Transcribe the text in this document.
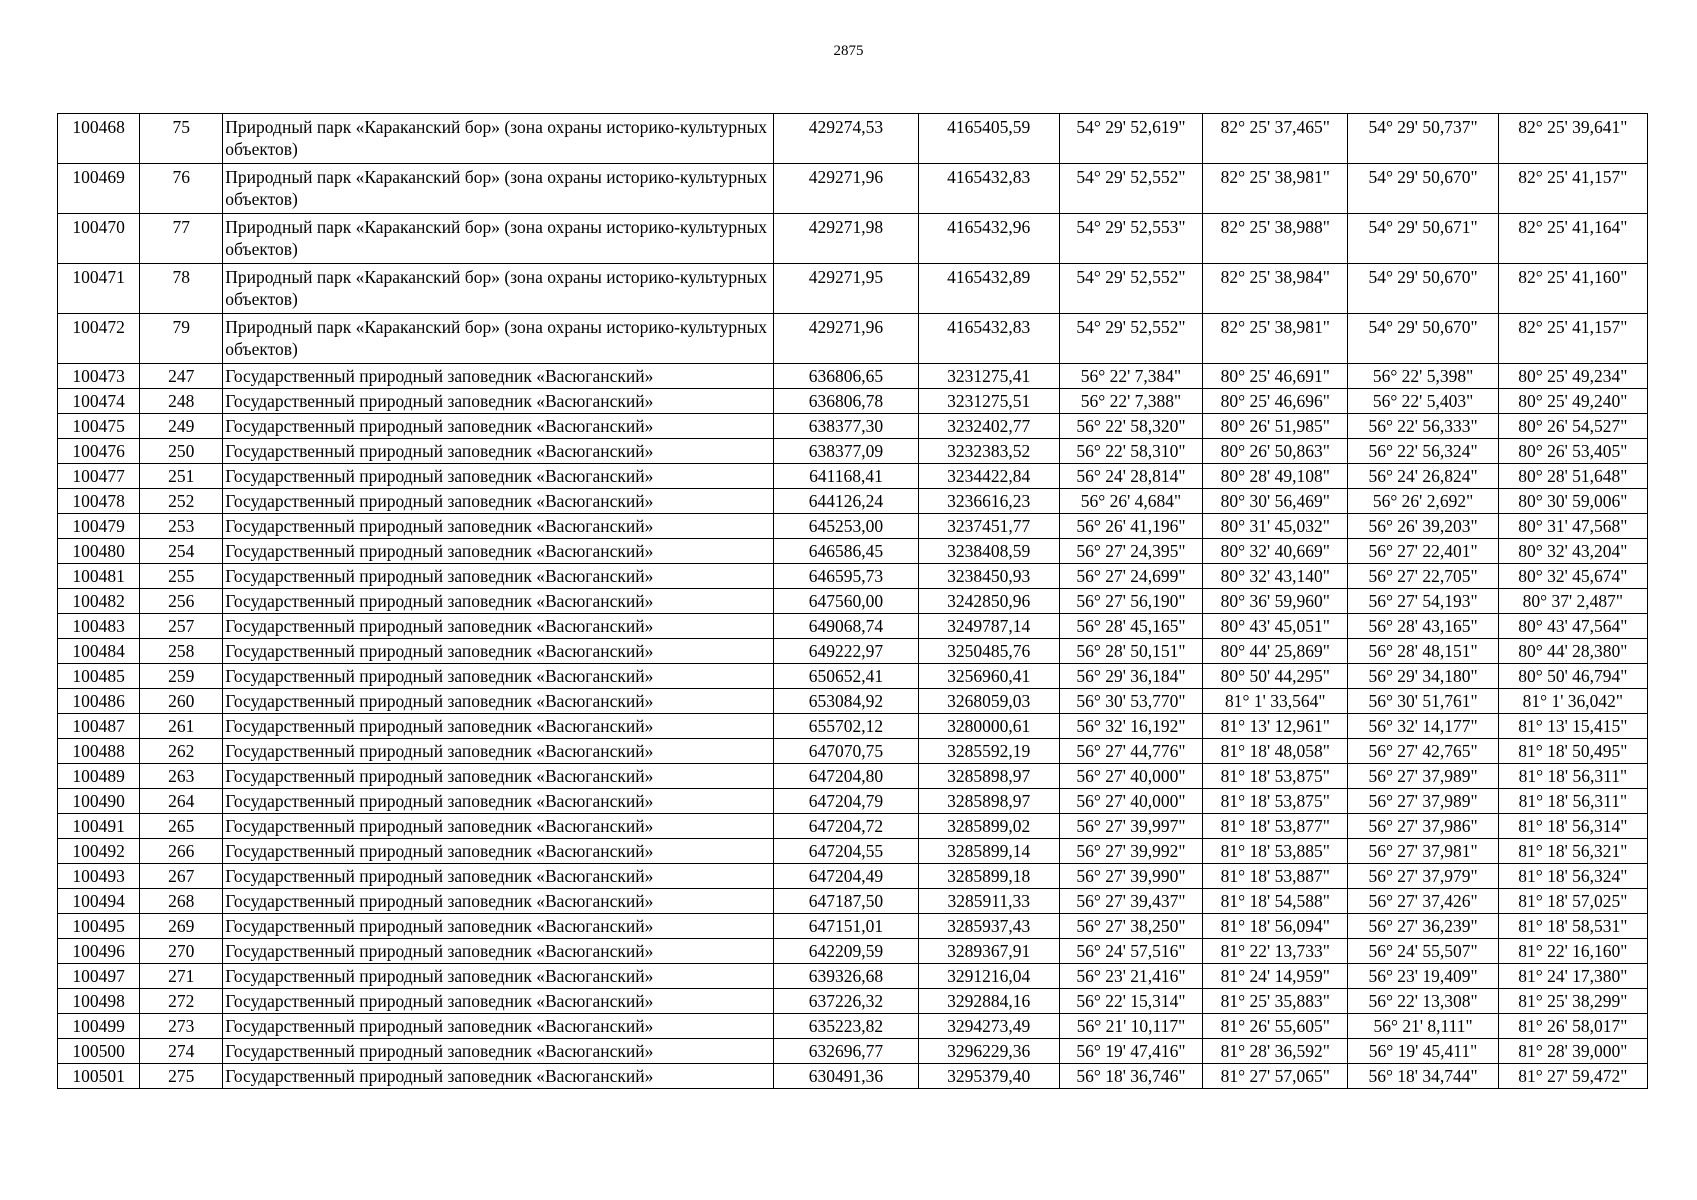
2875
100468	75	Природный парк «Караканский бор» (зона охраны историко-культурных объектов)	429274,53	4165405,59	54° 29' 52,619"	82° 25' 37,465"	54° 29' 50,737"	82° 25' 39,641"
100469	76	Природный парк «Караканский бор» (зона охраны историко-культурных объектов)	429271,96	4165432,83	54° 29' 52,552"	82° 25' 38,981"	54° 29' 50,670"	82° 25' 41,157"
100470	77	Природный парк «Караканский бор» (зона охраны историко-культурных объектов)	429271,98	4165432,96	54° 29' 52,553"	82° 25' 38,988"	54° 29' 50,671"	82° 25' 41,164"
100471	78	Природный парк «Караканский бор» (зона охраны историко-культурных объектов)	429271,95	4165432,89	54° 29' 52,552"	82° 25' 38,984"	54° 29' 50,670"	82° 25' 41,160"
100472	79	Природный парк «Караканский бор» (зона охраны историко-культурных объектов)	429271,96	4165432,83	54° 29' 52,552"	82° 25' 38,981"	54° 29' 50,670"	82° 25' 41,157"
100473	247	Государственный природный заповедник «Васюганский»	636806,65	3231275,41	56° 22' 7,384"	80° 25' 46,691"	56° 22' 5,398"	80° 25' 49,234"
100474	248	Государственный природный заповедник «Васюганский»	636806,78	3231275,51	56° 22' 7,388"	80° 25' 46,696"	56° 22' 5,403"	80° 25' 49,240"
100475	249	Государственный природный заповедник «Васюганский»	638377,30	3232402,77	56° 22' 58,320"	80° 26' 51,985"	56° 22' 56,333"	80° 26' 54,527"
100476	250	Государственный природный заповедник «Васюганский»	638377,09	3232383,52	56° 22' 58,310"	80° 26' 50,863"	56° 22' 56,324"	80° 26' 53,405"
100477	251	Государственный природный заповедник «Васюганский»	641168,41	3234422,84	56° 24' 28,814"	80° 28' 49,108"	56° 24' 26,824"	80° 28' 51,648"
100478	252	Государственный природный заповедник «Васюганский»	644126,24	3236616,23	56° 26' 4,684"	80° 30' 56,469"	56° 26' 2,692"	80° 30' 59,006"
100479	253	Государственный природный заповедник «Васюганский»	645253,00	3237451,77	56° 26' 41,196"	80° 31' 45,032"	56° 26' 39,203"	80° 31' 47,568"
100480	254	Государственный природный заповедник «Васюганский»	646586,45	3238408,59	56° 27' 24,395"	80° 32' 40,669"	56° 27' 22,401"	80° 32' 43,204"
100481	255	Государственный природный заповедник «Васюганский»	646595,73	3238450,93	56° 27' 24,699"	80° 32' 43,140"	56° 27' 22,705"	80° 32' 45,674"
100482	256	Государственный природный заповедник «Васюганский»	647560,00	3242850,96	56° 27' 56,190"	80° 36' 59,960"	56° 27' 54,193"	80° 37' 2,487"
100483	257	Государственный природный заповедник «Васюганский»	649068,74	3249787,14	56° 28' 45,165"	80° 43' 45,051"	56° 28' 43,165"	80° 43' 47,564"
100484	258	Государственный природный заповедник «Васюганский»	649222,97	3250485,76	56° 28' 50,151"	80° 44' 25,869"	56° 28' 48,151"	80° 44' 28,380"
100485	259	Государственный природный заповедник «Васюганский»	650652,41	3256960,41	56° 29' 36,184"	80° 50' 44,295"	56° 29' 34,180"	80° 50' 46,794"
100486	260	Государственный природный заповедник «Васюганский»	653084,92	3268059,03	56° 30' 53,770"	81° 1' 33,564"	56° 30' 51,761"	81° 1' 36,042"
100487	261	Государственный природный заповедник «Васюганский»	655702,12	3280000,61	56° 32' 16,192"	81° 13' 12,961"	56° 32' 14,177"	81° 13' 15,415"
100488	262	Государственный природный заповедник «Васюганский»	647070,75	3285592,19	56° 27' 44,776"	81° 18' 48,058"	56° 27' 42,765"	81° 18' 50,495"
100489	263	Государственный природный заповедник «Васюганский»	647204,80	3285898,97	56° 27' 40,000"	81° 18' 53,875"	56° 27' 37,989"	81° 18' 56,311"
100490	264	Государственный природный заповедник «Васюганский»	647204,79	3285898,97	56° 27' 40,000"	81° 18' 53,875"	56° 27' 37,989"	81° 18' 56,311"
100491	265	Государственный природный заповедник «Васюганский»	647204,72	3285899,02	56° 27' 39,997"	81° 18' 53,877"	56° 27' 37,986"	81° 18' 56,314"
100492	266	Государственный природный заповедник «Васюганский»	647204,55	3285899,14	56° 27' 39,992"	81° 18' 53,885"	56° 27' 37,981"	81° 18' 56,321"
100493	267	Государственный природный заповедник «Васюганский»	647204,49	3285899,18	56° 27' 39,990"	81° 18' 53,887"	56° 27' 37,979"	81° 18' 56,324"
100494	268	Государственный природный заповедник «Васюганский»	647187,50	3285911,33	56° 27' 39,437"	81° 18' 54,588"	56° 27' 37,426"	81° 18' 57,025"
100495	269	Государственный природный заповедник «Васюганский»	647151,01	3285937,43	56° 27' 38,250"	81° 18' 56,094"	56° 27' 36,239"	81° 18' 58,531"
100496	270	Государственный природный заповедник «Васюганский»	642209,59	3289367,91	56° 24' 57,516"	81° 22' 13,733"	56° 24' 55,507"	81° 22' 16,160"
100497	271	Государственный природный заповедник «Васюганский»	639326,68	3291216,04	56° 23' 21,416"	81° 24' 14,959"	56° 23' 19,409"	81° 24' 17,380"
100498	272	Государственный природный заповедник «Васюганский»	637226,32	3292884,16	56° 22' 15,314"	81° 25' 35,883"	56° 22' 13,308"	81° 25' 38,299"
100499	273	Государственный природный заповедник «Васюганский»	635223,82	3294273,49	56° 21' 10,117"	81° 26' 55,605"	56° 21' 8,111"	81° 26' 58,017"
100500	274	Государственный природный заповедник «Васюганский»	632696,77	3296229,36	56° 19' 47,416"	81° 28' 36,592"	56° 19' 45,411"	81° 28' 39,000"
100501	275	Государственный природный заповедник «Васюганский»	630491,36	3295379,40	56° 18' 36,746"	81° 27' 57,065"	56° 18' 34,744"	81° 27' 59,472"
